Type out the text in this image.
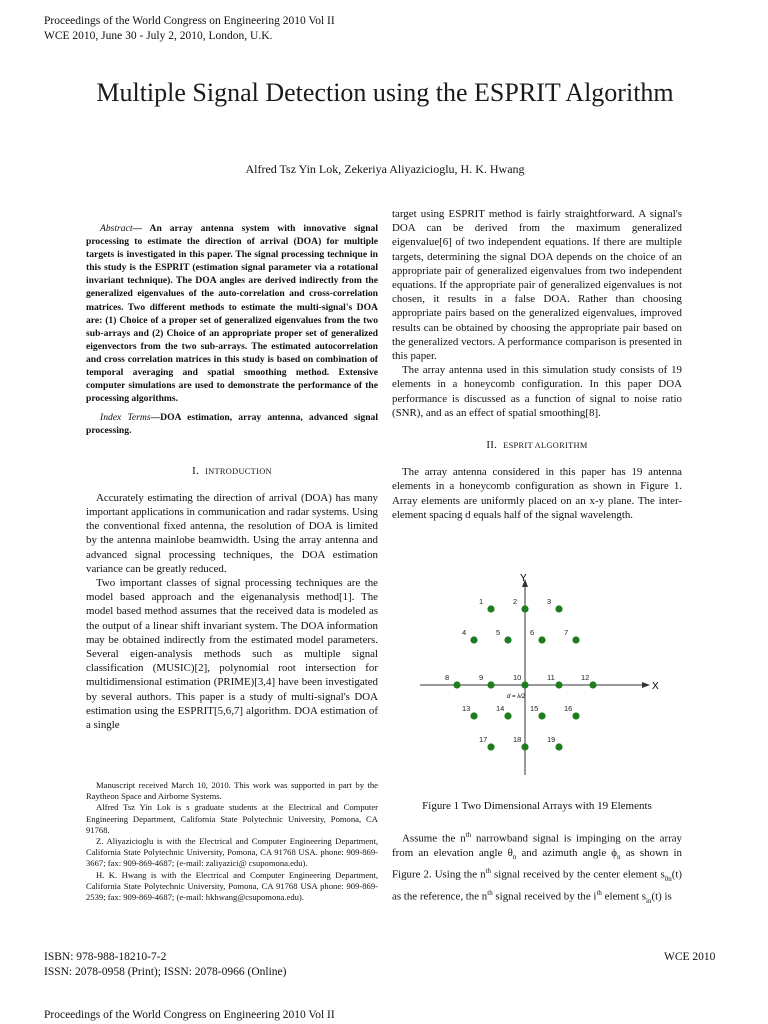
Proceedings of the World Congress on Engineering 2010 Vol II
WCE 2010, June 30 - July 2, 2010, London, U.K.
Multiple Signal Detection using the ESPRIT Algorithm
Alfred Tsz Yin Lok, Zekeriya Aliyazicioglu, H. K. Hwang

Abstract— An array antenna system with innovative signal processing to estimate the direction of arrival (DOA) for multiple targets is investigated in this paper. The signal processing technique in this study is the ESPRIT (estimation signal parameter via a rotational invariant technique). The DOA angles are derived indirectly from the generalized eigenvalues of the auto-correlation and cross-correlation matrices. Two different methods to estimate the multi-signal's DOA are: (1) Choice of a proper set of generalized eigenvalues from the two sub-arrays and (2) Choice of an appropriate proper set of generalized eigenvectors from the two sub-arrays. The estimated autocorrelation and cross correlation matrices in this study is based on combination of temporal averaging and spatial smoothing method. Extensive computer simulations are used to demonstrate the performance of the processing algorithms.

Index Terms—DOA estimation, array antenna, advanced signal processing.

I. INTRODUCTION

Accurately estimating the direction of arrival (DOA) has many important applications in communication and radar systems. Using the conventional fixed antenna, the resolution of DOA is limited by the antenna mainlobe beamwidth. Using the array antenna and advanced signal processing techniques, the DOA estimation variance can be greatly reduced.

Two important classes of signal processing techniques are the model based approach and the eigenanalysis method[1]. The model based method assumes that the received data is modeled as the output of a linear shift invariant system. The DOA information may be obtained indirectly from the estimated model parameters. Several eigen-analysis methods such as multiple signal classification (MUSIC)[2], polynomial root intersection for multidimensional estimation (PRIME)[3,4] have been investigated by several authors. This paper is a study of multi-signal's DOA estimation using the ESPRIT[5,6,7] algorithm. DOA estimation of a single

Manuscript received March 10, 2010. This work was supported in part by the Raytheon Space and Airborne Systems.

Alfred Tsz Yin Lok is s graduate students at the Electrical and Computer Engineering Department, California State Polytechnic University, Pomona, CA 91768.

Z. Aliyazicioglu is with the Electrical and Computer Engineering Department, California State Polytechnic University, Pomona, CA 91768 USA. phone: 909-869-3667; fax: 909-869-4687; (e-mail: zaliyazici@ csupomona.edu).

H. K. Hwang is with the Electrical and Computer Engineering Department, California State Polytechnic University, Pomona, CA 91768 USA phone: 909-869-2539; fax: 909-869-4687; (e-mail: hkhwang@csupomona.edu).

target using ESPRIT method is fairly straightforward. A signal's DOA can be derived from the maximum generalized eigenvalue[6] of two independent equations. If there are multiple targets, determining the signal DOA depends on the choice of an appropriate pair of generalized eigenvalues from two independent equations. If the appropriate pair of generalized eigenvalues is not chosen, it results in a false DOA. Rather than choosing appropriate pairs based on the generalized eigenvalues, improved results can be obtained by choosing the appropriate pair based on the generalized vectors. A performance comparison is presented in this paper.

The array antenna used in this simulation study consists of 19 elements in a honeycomb configuration. In this paper DOA performance is discussed as a function of signal to noise ratio (SNR), and as an effect of spatial smoothing[8].

II. ESPRIT ALGORITHM

The array antenna considered in this paper has 19 antenna elements in a honeycomb configuration as shown in Figure 1. Array elements are uniformly placed on an x-y plane. The inter-element spacing d equals half of the signal wavelength.

X
Y
d = λ/2
1	2	3
4	5	6	7
8	9	10	11	12
13	14	15	16
17	18	19
Figure 1 Two Dimensional Arrays with 19 Elements

Assume the $n^{th}$ narrowband signal is impinging on the array from an elevation angle $\theta_n$ and azimuth angle $\phi_n$ as shown in Figure 2. Using the $n^{th}$ signal received by the center element $s_{0n}(t)$ as the reference, the $n^{th}$ signal received by the $i^{th}$ element $s_{in}(t)$ is

ISBN: 978-988-18210-7-2
ISSN: 2078-0958 (Print); ISSN: 2078-0966 (Online)
WCE 2010
Proceedings of the World Congress on Engineering 2010 Vol II
